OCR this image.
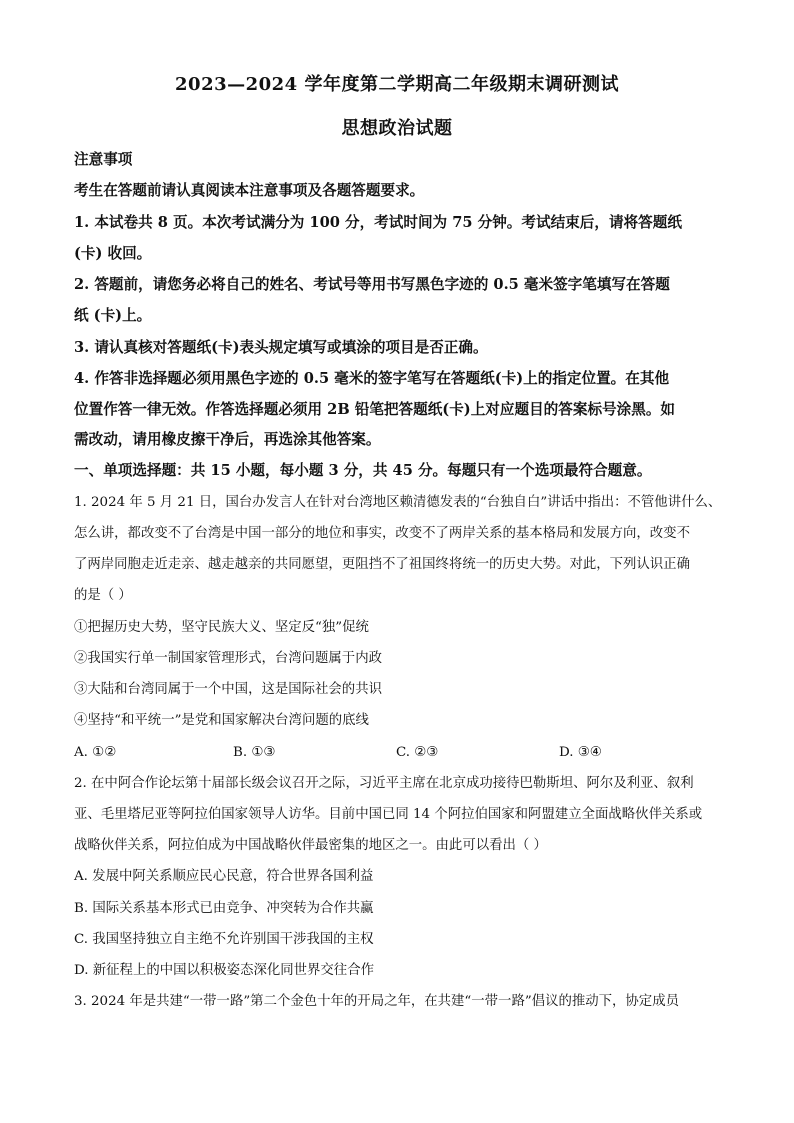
2023—2024 学年度第二学期高二年级期末调研测试
思想政治试题
注意事项
考生在答题前请认真阅读本注意事项及各题答题要求。
1. 本试卷共 8 页。本次考试满分为 100 分，考试时间为 75 分钟。考试结束后，请将答题纸
(卡) 收回。
2. 答题前，请您务必将自己的姓名、考试号等用书写黑色字迹的 0.5 毫米签字笔填写在答题
纸 (卡)上。
3. 请认真核对答题纸(卡)表头规定填写或填涂的项目是否正确。
4. 作答非选择题必须用黑色字迹的 0.5 毫米的签字笔写在答题纸(卡)上的指定位置。在其他
位置作答一律无效。作答选择题必须用 2B 铅笔把答题纸(卡)上对应题目的答案标号涂黑。如
需改动，请用橡皮擦干净后，再选涂其他答案。
一、单项选择题：共 15 小题，每小题 3 分，共 45 分。每题只有一个选项最符合题意。
1. 2024 年 5 月 21 日，国台办发言人在针对台湾地区赖清德发表的“台独自白”讲话中指出：不管他讲什么、
怎么讲，都改变不了台湾是中国一部分的地位和事实，改变不了两岸关系的基本格局和发展方向，改变不
了两岸同胞走近走亲、越走越亲的共同愿望，更阻挡不了祖国终将统一的历史大势。对此，下列认识正确
的是（ ）
①把握历史大势，坚守民族大义、坚定反“独”促统
②我国实行单一制国家管理形式，台湾问题属于内政
③大陆和台湾同属于一个中国，这是国际社会的共识
④坚持“和平统一”是党和国家解决台湾问题的底线
A. ①②	B. ①③	C. ②③	D. ③④
2. 在中阿合作论坛第十届部长级会议召开之际，习近平主席在北京成功接待巴勒斯坦、阿尔及利亚、叙利
亚、毛里塔尼亚等阿拉伯国家领导人访华。目前中国已同 14 个阿拉伯国家和阿盟建立全面战略伙伴关系或
战略伙伴关系，阿拉伯成为中国战略伙伴最密集的地区之一。由此可以看出（ ）
A. 发展中阿关系顺应民心民意，符合世界各国利益
B. 国际关系基本形式已由竞争、冲突转为合作共赢
C. 我国坚持独立自主绝不允许别国干涉我国的主权
D. 新征程上的中国以积极姿态深化同世界交往合作
3. 2024 年是共建“一带一路”第二个金色十年的开局之年，在共建“一带一路”倡议的推动下，协定成员
